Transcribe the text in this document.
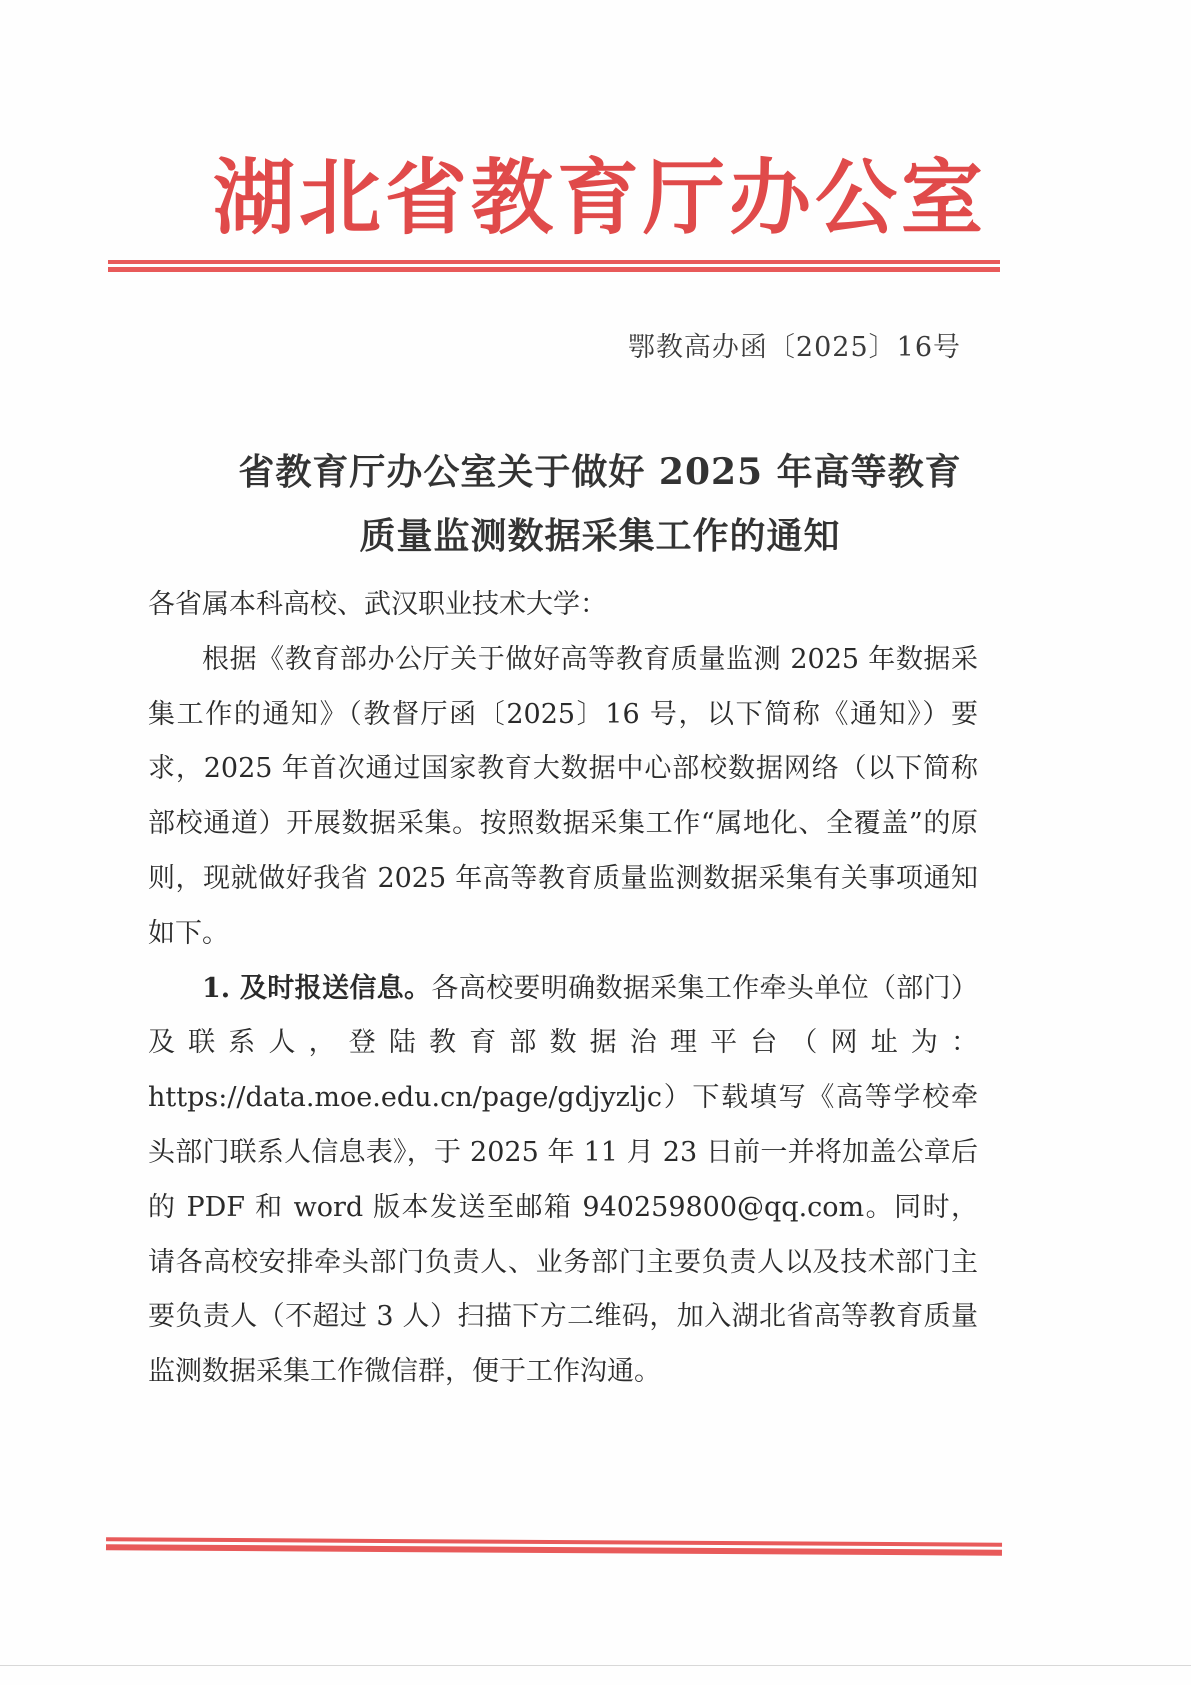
湖北省教育厅办公室
鄂教高办函〔2025〕16号
省教育厅办公室关于做好 2025 年高等教育
质量监测数据采集工作的通知

各省属本科高校、武汉职业技术大学：

根据《教育部办公厅关于做好高等教育质量监测 2025 年数据采集工作的通知》（教督厅函〔2025〕16 号，以下简称《通知》）要求，2025 年首次通过国家教育大数据中心部校数据网络（以下简称部校通道）开展数据采集。按照数据采集工作“属地化、全覆盖”的原则，现就做好我省 2025 年高等教育质量监测数据采集有关事项通知如下。

1. 及时报送信息。各高校要明确数据采集工作牵头单位（部门）及联系人，登陆教育部数据治理平台（网址为：https://data.moe.edu.cn/page/gdjyzljc）下载填写《高等学校牵头部门联系人信息表》，于 2025 年 11 月 23 日前一并将加盖公章后的 PDF 和 word 版本发送至邮箱 940259800@qq.com。同时，请各高校安排牵头部门负责人、业务部门主要负责人以及技术部门主要负责人（不超过 3 人）扫描下方二维码，加入湖北省高等教育质量监测数据采集工作微信群，便于工作沟通。
